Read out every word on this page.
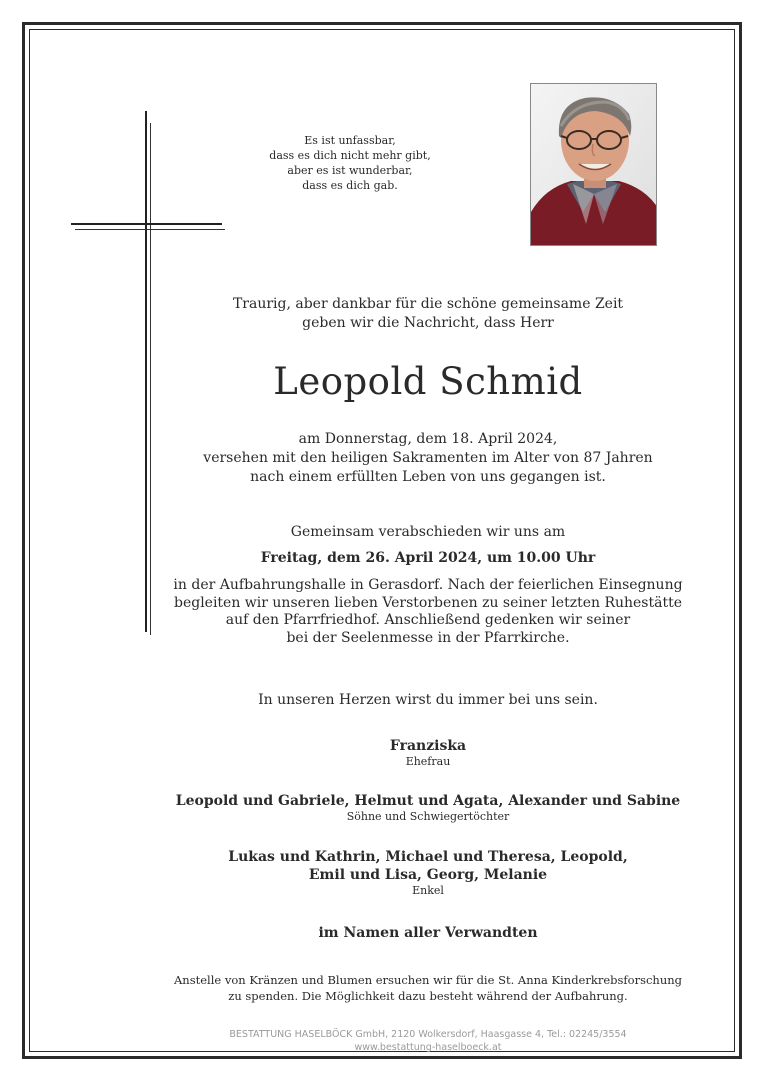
Es ist unfassbar,
dass es dich nicht mehr gibt,
aber es ist wunderbar,
dass es dich gab.
Traurig, aber dankbar für die schöne gemeinsame Zeit
geben wir die Nachricht, dass Herr
Leopold Schmid
am Donnerstag, dem 18. April 2024,
versehen mit den heiligen Sakramenten im Alter von 87 Jahren
nach einem erfüllten Leben von uns gegangen ist.
Gemeinsam verabschieden wir uns am
Freitag, dem 26. April 2024, um 10.00 Uhr
in der Aufbahrungshalle in Gerasdorf. Nach der feierlichen Einsegnung
begleiten wir unseren lieben Verstorbenen zu seiner letzten Ruhestätte
auf den Pfarrfriedhof. Anschließend gedenken wir seiner
bei der Seelenmesse in der Pfarrkirche.
In unseren Herzen wirst du immer bei uns sein.
Franziska
Ehefrau
Leopold und Gabriele, Helmut und Agata, Alexander und Sabine
Söhne und Schwiegertöchter
Lukas und Kathrin, Michael und Theresa, Leopold,
Emil und Lisa, Georg, Melanie
Enkel
im Namen aller Verwandten
Anstelle von Kränzen und Blumen ersuchen wir für die St. Anna Kinderkrebsforschung
zu spenden. Die Möglichkeit dazu besteht während der Aufbahrung.
BESTATTUNG HASELBÖCK GmbH, 2120 Wolkersdorf, Haasgasse 4, Tel.: 02245/3554
www.bestattung-haselboeck.at
